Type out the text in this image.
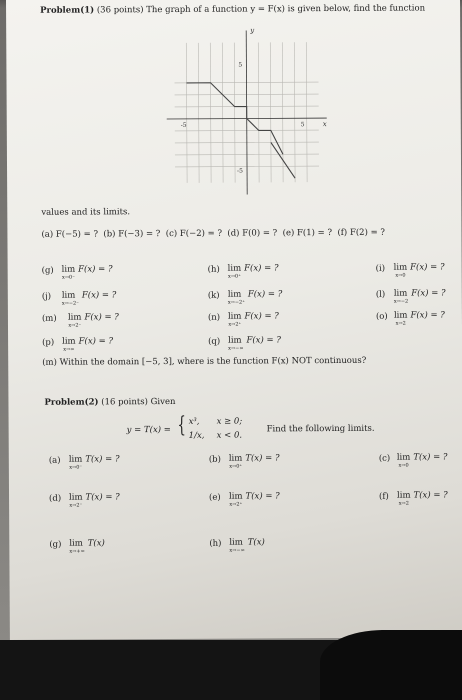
Problem(1) (36 points) The graph of a function y = F(x) is given below, find the function
y
x
-5	5
5
-5
values and its limits.
(a) F(−5) = ? (b) F(−3) = ? (c) F(−2) = ? (d) F(0) = ? (e) F(1) = ? (f) F(2) = ?
(g) lim
x→0⁻
F(x) = ?	(h) lim
x→0⁺
F(x) = ?	(i) lim
x→0
F(x) = ?
(j) lim
x→−2⁻
F(x) = ?	(k) lim
x→−2⁺
F(x) = ?	(l) lim
x→−2
F(x) = ?
(m) lim
x→2⁻
F(x) = ?	(n) lim
x→2⁺
F(x) = ?	(o) lim
x→2
F(x) = ?
(p) lim
x→∞
F(x) = ?	(q) lim
x→−∞
F(x) = ?
(m) Within the domain [−5, 3], where is the function F(x) NOT continuous?
Problem(2) (16 points) Given
y = T(x) = { x³, x ≥ 0;
1/x, x < 0.
Find the following limits.
(a) lim
x→0⁻
T(x) = ?	(b) lim
x→0⁺
T(x) = ?	(c) lim
x→0
T(x) = ?
(d) lim
x→2⁻
T(x) = ?	(e) lim
x→2⁺
T(x) = ?	(f) lim
x→2
T(x) = ?
(g) lim
x→+∞
T(x)	(h) lim
x→−∞
T(x)
